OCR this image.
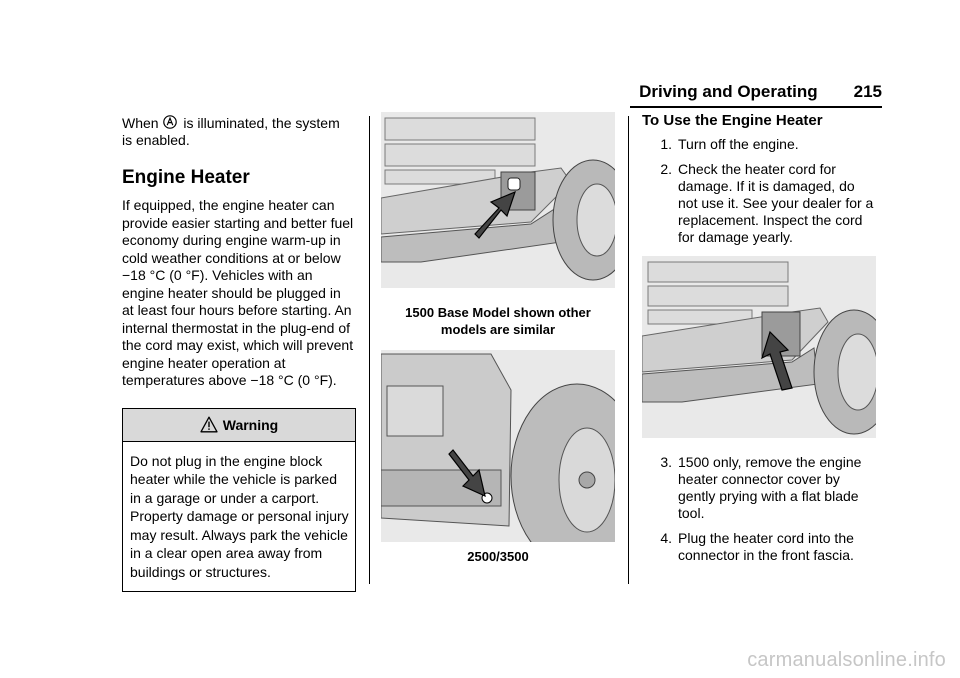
Driving and Operating 215

When  is illuminated, the system
is enabled.

Engine Heater

If equipped, the engine heater can provide easier starting and better fuel economy during engine warm-up in cold weather conditions at or below −18 °C (0 °F). Vehicles with an engine heater should be plugged in at least four hours before starting. An internal thermostat in the plug-end of the cord may exist, which will prevent engine heater operation at temperatures above −18 °C (0 °F).

Warning
Do not plug in the engine block heater while the vehicle is parked in a garage or under a carport. Property damage or personal injury may result. Always park the vehicle in a clear open area away from buildings or structures.
1500 Base Model shown other models are similar
2500/3500
To Use the Engine Heater
1. Turn off the engine.
2. Check the heater cord for damage. If it is damaged, do not use it. See your dealer for a replacement. Inspect the cord for damage yearly.
3. 1500 only, remove the engine heater connector cover by gently prying with a flat blade tool.
4. Plug the heater cord into the connector in the front fascia.
carmanualsonline.info
